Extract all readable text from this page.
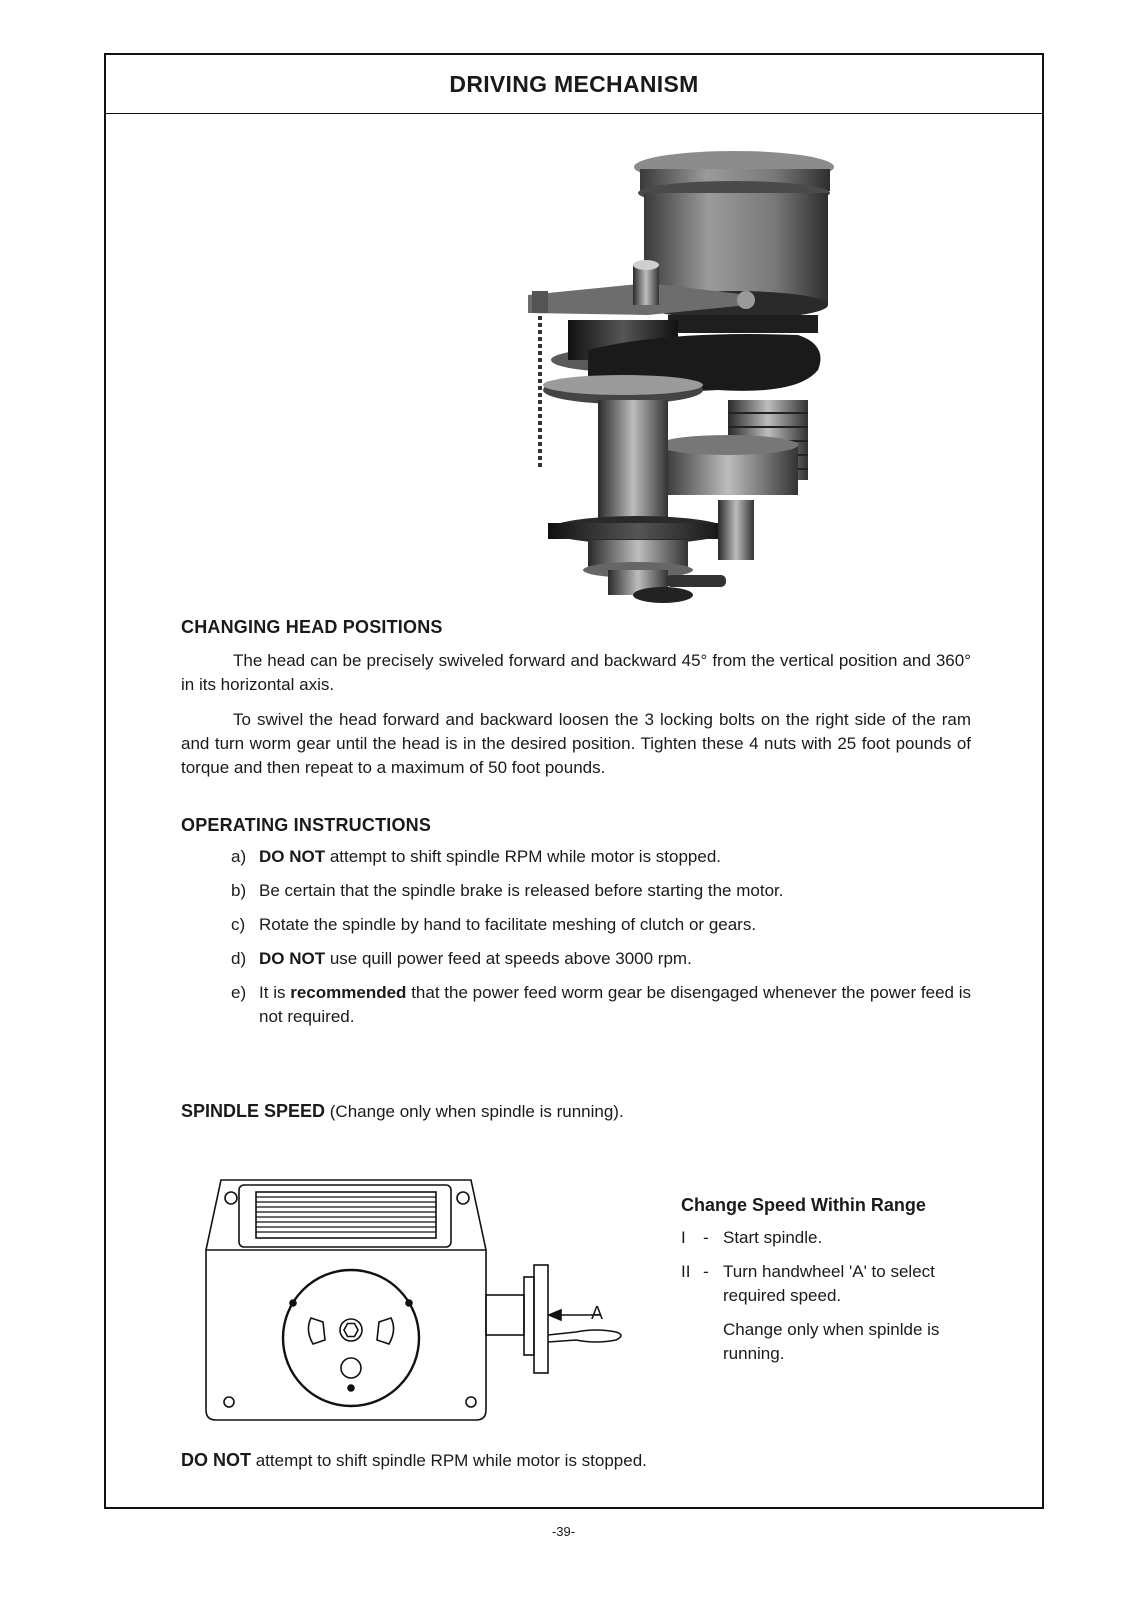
DRIVING MECHANISM
CHANGING HEAD POSITIONS
The head can be precisely swiveled forward and backward 45° from the vertical position and 360° in its horizontal axis.
To swivel the head forward and backward loosen the 3 locking bolts on the right side of the ram and turn worm gear until the head is in the desired position. Tighten these 4 nuts with 25 foot pounds of torque and then repeat to a maximum of 50 foot pounds.
OPERATING INSTRUCTIONS
a) DO NOT attempt to shift spindle RPM while motor is stopped.
b) Be certain that the spindle brake is released before starting the motor.
c) Rotate the spindle by hand to facilitate meshing of clutch or gears.
d) DO NOT use quill power feed at speeds above 3000 rpm.
e) It is recommended that the power feed worm gear be disengaged whenever the power feed is not required.
SPINDLE SPEED (Change only when spindle is running).
A
Change Speed Within Range
I	- Start spindle.
II - Turn handwheel 'A' to select required speed.
Change only when spinlde is running.
DO NOT attempt to shift spindle RPM while motor is stopped.
-39-
